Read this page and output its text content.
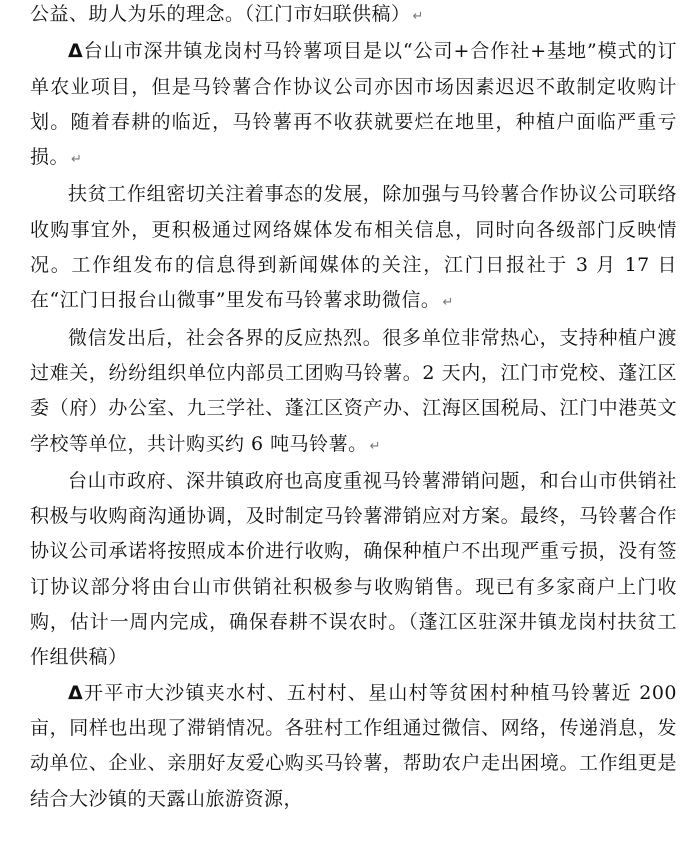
公益、助人为乐的理念。（江门市妇联供稿） ↵

Δ台山市深井镇龙岗村马铃薯项目是以“公司+合作社+基地”模式的订单农业项目，但是马铃薯合作协议公司亦因市场因素迟迟不敢制定收购计划。随着春耕的临近，马铃薯再不收获就要烂在地里，种植户面临严重亏损。 ↵

扶贫工作组密切关注着事态的发展，除加强与马铃薯合作协议公司联络收购事宜外，更积极通过网络媒体发布相关信息，同时向各级部门反映情况。工作组发布的信息得到新闻媒体的关注，江门日报社于 3 月 17 日在“江门日报台山微事”里发布马铃薯求助微信。 ↵

微信发出后，社会各界的反应热烈。很多单位非常热心，支持种植户渡过难关，纷纷组织单位内部员工团购马铃薯。2 天内，江门市党校、蓬江区委（府）办公室、九三学社、蓬江区资产办、江海区国税局、江门中港英文学校等单位，共计购买约 6 吨马铃薯。 ↵

台山市政府、深井镇政府也高度重视马铃薯滞销问题，和台山市供销社积极与收购商沟通协调，及时制定马铃薯滞销应对方案。最终，马铃薯合作协议公司承诺将按照成本价进行收购，确保种植户不出现严重亏损，没有签订协议部分将由台山市供销社积极参与收购销售。现已有多家商户上门收购，估计一周内完成，确保春耕不误农时。（蓬江区驻深井镇龙岗村扶贫工作组供稿）

Δ开平市大沙镇夹水村、五村村、星山村等贫困村种植马铃薯近 200 亩，同样也出现了滞销情况。各驻村工作组通过微信、网络，传递消息，发动单位、企业、亲朋好友爱心购买马铃薯，帮助农户走出困境。工作组更是结合大沙镇的天露山旅游资源，
